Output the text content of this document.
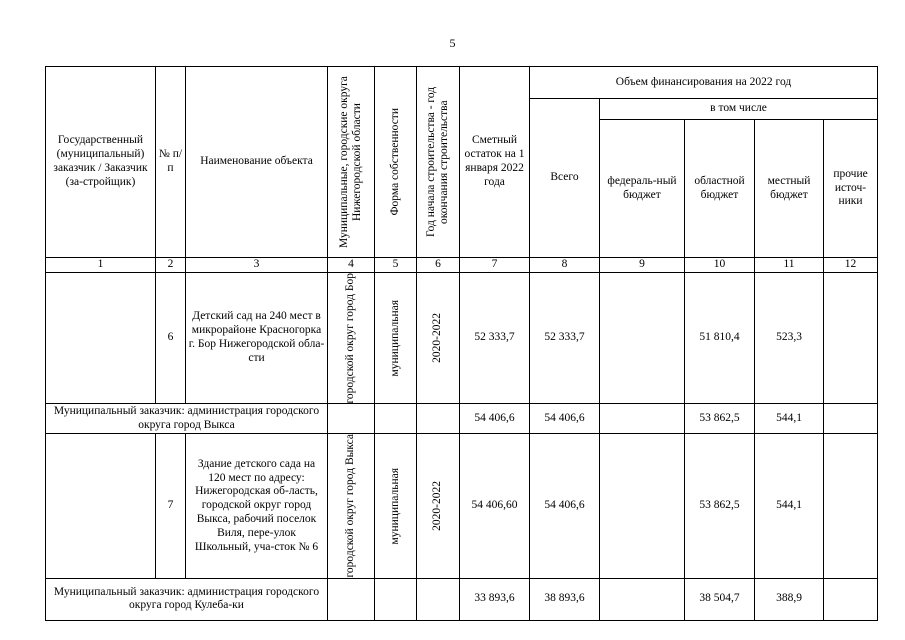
5
Государственный (муниципальный) заказчик / Заказчик (за-стройщик)	№ п/п	Наименование объекта	Муниципальные, городские округа Нижегородской области	Форма собственности	Год начала строительства - год окончания строительства	Сметный остаток на 1 января 2022 года	Объем финансирования на 2022 год				
							Всего	в том числе			
								федераль-ный бюджет	областной бюджет	местный бюджет	прочие источ-ники
1	2	3	4	5	6	7	8	9	10	11	12
	6	Детский сад на 240 мест в микрорайоне Красногорка г. Бор Нижегородской обла-сти	городской округ город Бор	муниципальная	2020-2022	52 333,7	52 333,7		51 810,4	523,3	
Муниципальный заказчик: администрация городского округа город Выкса						54 406,6	54 406,6		53 862,5	544,1	
	7	Здание детского сада на 120 мест по адресу: Нижегородская об-ласть, городской округ город Выкса, рабочий поселок Виля, пере-улок Школьный, уча-сток № 6	городской округ город Выкса	муниципальная	2020-2022	54 406,60	54 406,6		53 862,5	544,1	
Муниципальный заказчик: администрация городского округа город Кулеба-ки						33 893,6	38 893,6		38 504,7	388,9	
